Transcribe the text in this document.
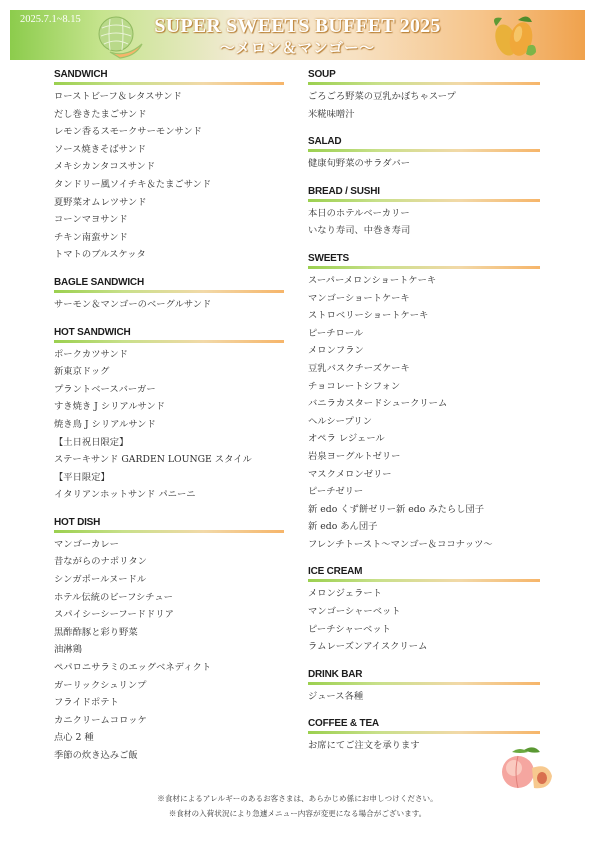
2025.7.1~8.15	SUPER SWEETS BUFFET 2025
～メロン＆マンゴー～
SANDWICH
ローストビーフ＆レタスサンド
だし巻きたまごサンド
レモン香るスモークサーモンサンド
ソース焼きそばサンド
メキシカンタコスサンド
タンドリー風ソイチキ＆たまごサンド
夏野菜オムレツサンド
コーンマヨサンド
チキン南蛮サンド
トマトのブルスケッタ
BAGLE SANDWICH
サーモン＆マンゴーのベーグルサンド
HOT SANDWICH
ポークカツサンド
新東京ドッグ
プラントベースバーガー
すき焼き J シリアルサンド
焼き鳥 J シリアルサンド
【土日祝日限定】
ステーキサンド GARDEN LOUNGE スタイル
【平日限定】
イタリアンホットサンド パニーニ
HOT DISH
マンゴーカレー
昔ながらのナポリタン
シンガポールヌードル
ホテル伝統のビーフシチュー
スパイシーシーフードドリア
黒酢酢豚と彩り野菜
油淋鶏
ペパロニサラミのエッグベネディクト
ガーリックシュリンプ
フライドポテト
カニクリームコロッケ
点心 2 種
季節の炊き込みご飯
SOUP
ごろごろ野菜の豆乳かぼちゃスープ
米糀味噌汁
SALAD
健康旬野菜のサラダバー
BREAD / SUSHI
本日のホテルベーカリー
いなり寿司、中巻き寿司
SWEETS
スーパーメロンショートケーキ
マンゴーショートケーキ
ストロベリーショートケーキ
ピーチロール
メロンフラン
豆乳バスクチーズケーキ
チョコレートシフォン
バニラカスタードシュークリーム
ヘルシープリン
オペラ レジェール
岩泉ヨーグルトゼリー
マスクメロンゼリー
ピーチゼリー
新 edo くず餅ゼリー新 edo みたらし団子
新 edo あん団子
フレンチトースト～マンゴー＆ココナッツ～
ICE CREAM
メロンジェラート
マンゴーシャーベット
ピーチシャーベット
ラムレーズンアイスクリーム
DRINK BAR
ジュース各種
COFFEE & TEA
お席にてご注文を承ります
※食材によるアレルギーのあるお客さまは、あらかじめ係にお申しつけください。
※食材の入荷状況により急遽メニュー内容が変更になる場合がございます。
